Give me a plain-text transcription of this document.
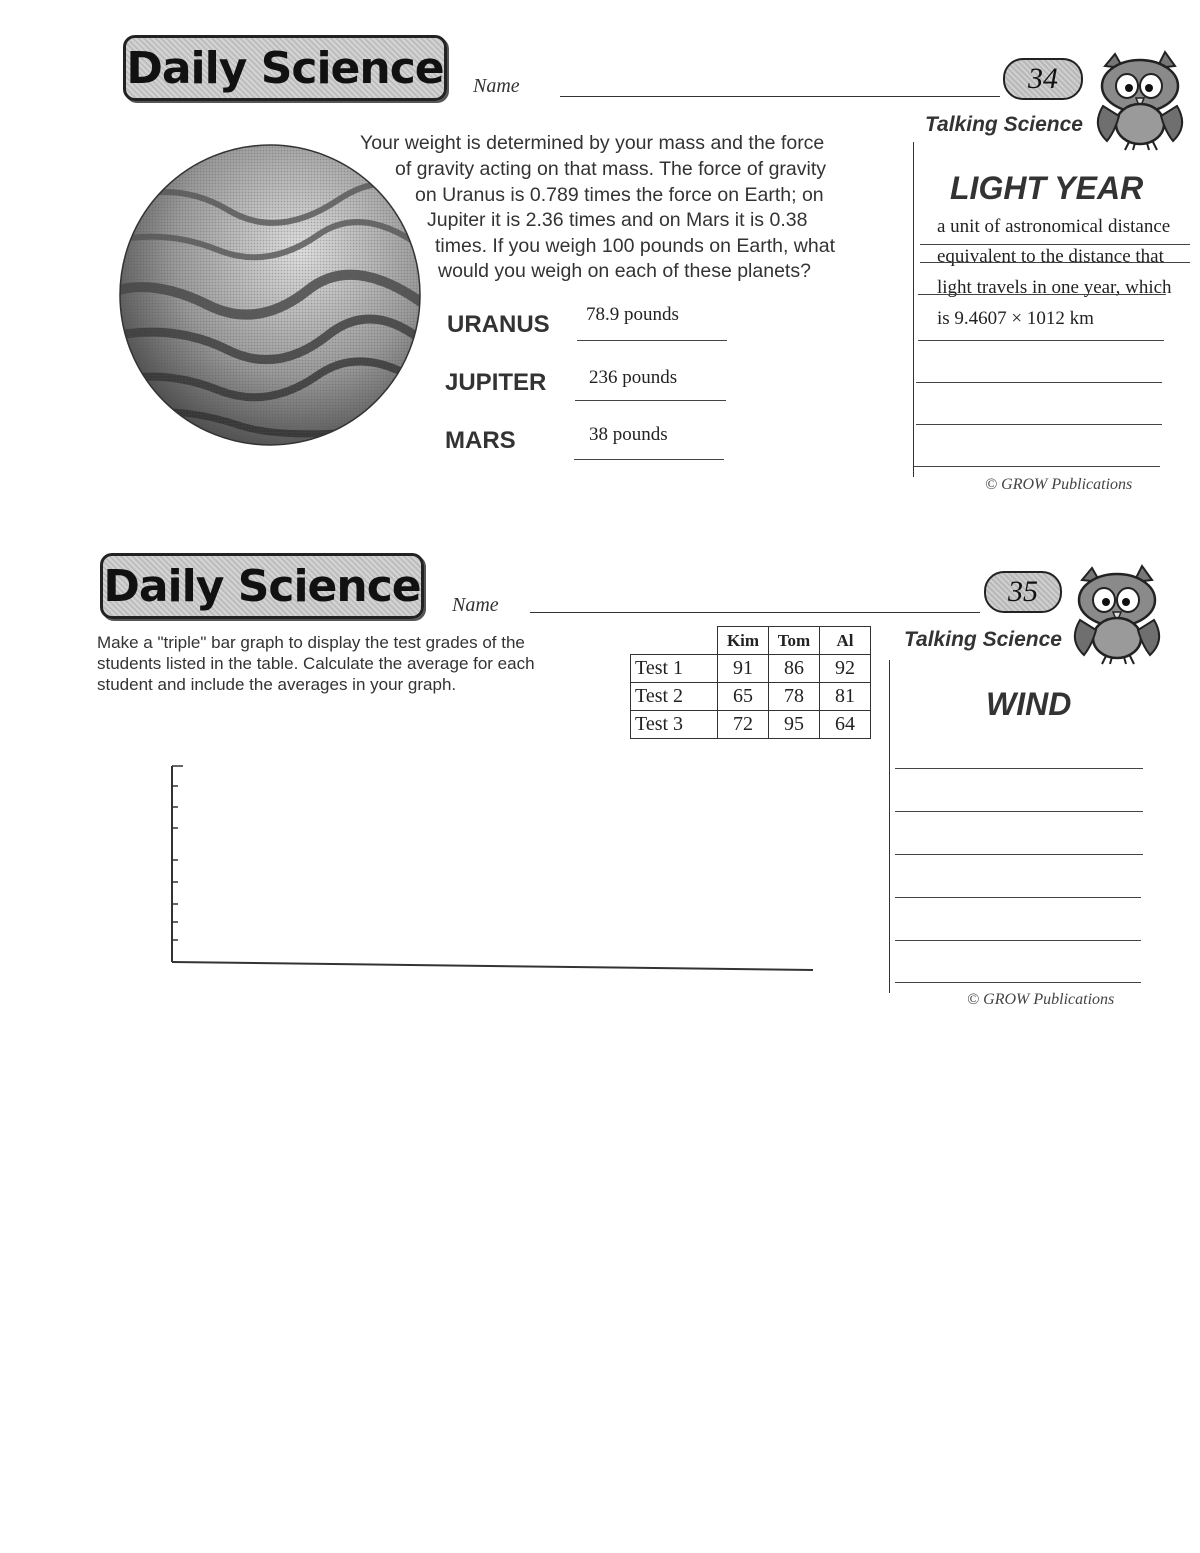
Daily Science Name	34
Talking Science
LIGHT YEAR
a unit of astronomical distance
equivalent to the distance that
light travels in one year, which
is 9.4607 × 1012 km
© GROW Publications
Your weight is determined by your mass and the force
of gravity acting on that mass. The force of gravity
on Uranus is 0.789 times the force on Earth; on
Jupiter it is 2.36 times and on Mars it is 0.38
times. If you weigh 100 pounds on Earth, what
would you weigh on each of these planets?
URANUS 78.9 pounds
JUPITER 236 pounds
MARS	38 pounds
Daily Science Name	35
Talking Science
WIND
© GROW Publications
Make a "triple" bar graph to display the test grades of the
students listed in the table. Calculate the average for each
student and include the averages in your graph.
	Kim	Tom	Al
Test 1	91	86	92
Test 2	65	78	81
Test 3	72	95	64
